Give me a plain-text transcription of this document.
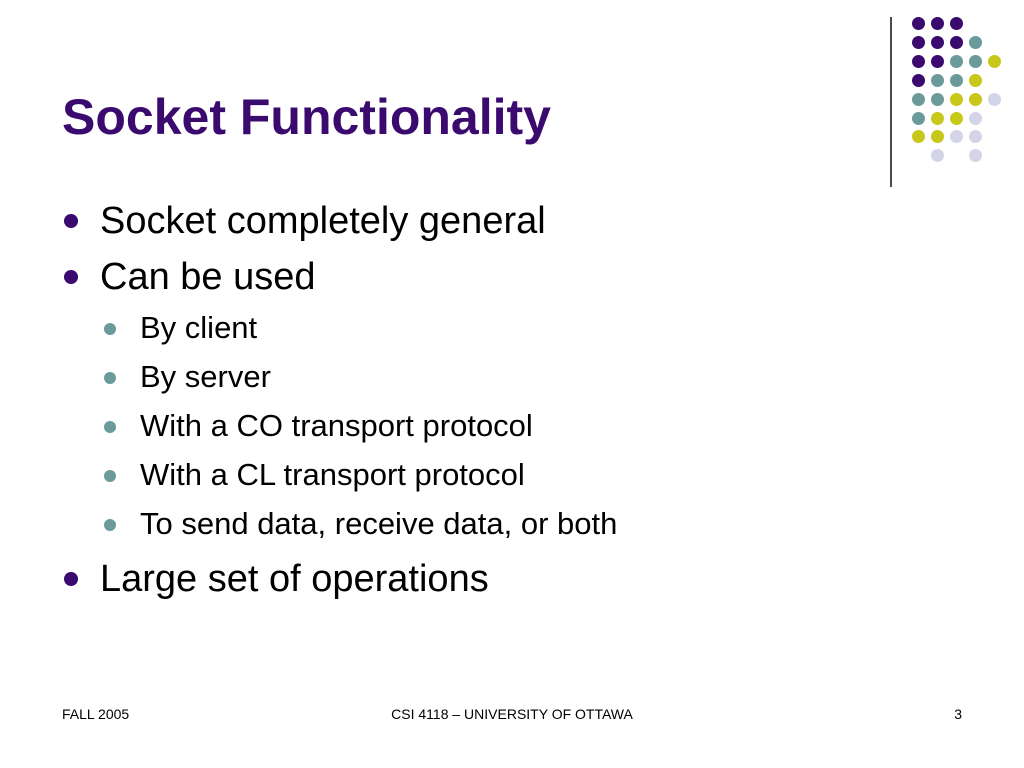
Socket Functionality
Socket completely general
Can be used
By client
By server
With a CO transport protocol
With a CL transport protocol
To send data, receive data, or both
Large set of operations
FALL 2005	CSI 4118 – UNIVERSITY OF OTTAWA	3
